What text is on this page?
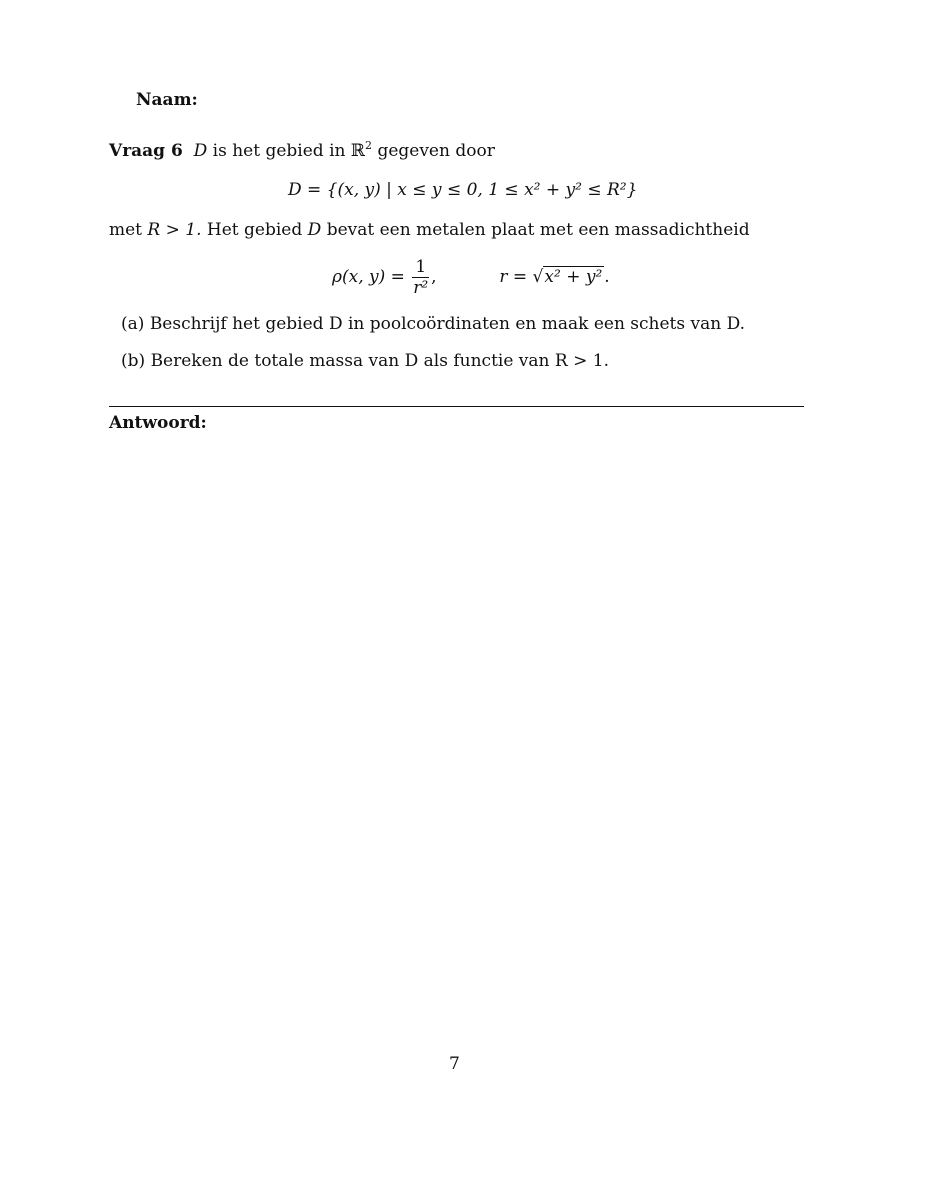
Naam:
Vraag 6 D is het gebied in ℝ$^2$ gegeven door
D = {(x, y) | x ≤ y ≤ 0, 1 ≤ x² + y² ≤ R²}
met R > 1. Het gebied D bevat een metalen plaat met een massadichtheid
ρ(x, $y) = \frac{1}{\text{r²}}$ ,	r = √x² + y² .
(a) Beschrijf het gebied D in poolcoördinaten en maak een schets van D.
(b) Bereken de totale massa van D als functie van R > 1.
Antwoord:
7
